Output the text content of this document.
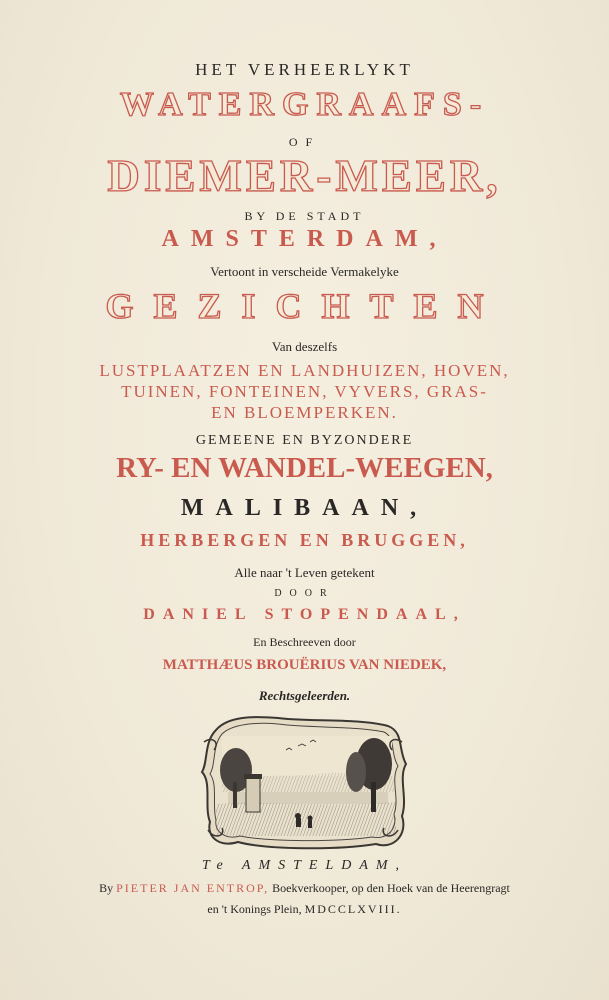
HET VERHEERLYKT
WATERGRAAFS-
OF
DIEMER-MEER,
BY DE STADT
AMSTERDAM,
Vertoont in verscheide Vermakelyke
GEZICHTEN
Van deszelfs
LUSTPLAATZEN EN LANDHUIZEN, HOVEN,
TUINEN, FONTEINEN, VYVERS, GRAS-
EN BLOEMPERKEN.
GEMEENE EN BYZONDERE
RY- EN WANDEL-WEEGEN,
MALIBAAN,
HERBERGEN EN BRUGGEN,
Alle naar 't Leven getekent
DOOR
DANIEL STOPENDAAL,
En Beschreeven door
MATTHÆUS BROUËRIUS VAN NIEDEK,
Rechtsgeleerden.
Te AMSTELDAM,
By PIETER JAN ENTROP, Boekverkooper, op den Hoek van de Heerengragt
en 't Konings Plein, MDCCLXVIII.
